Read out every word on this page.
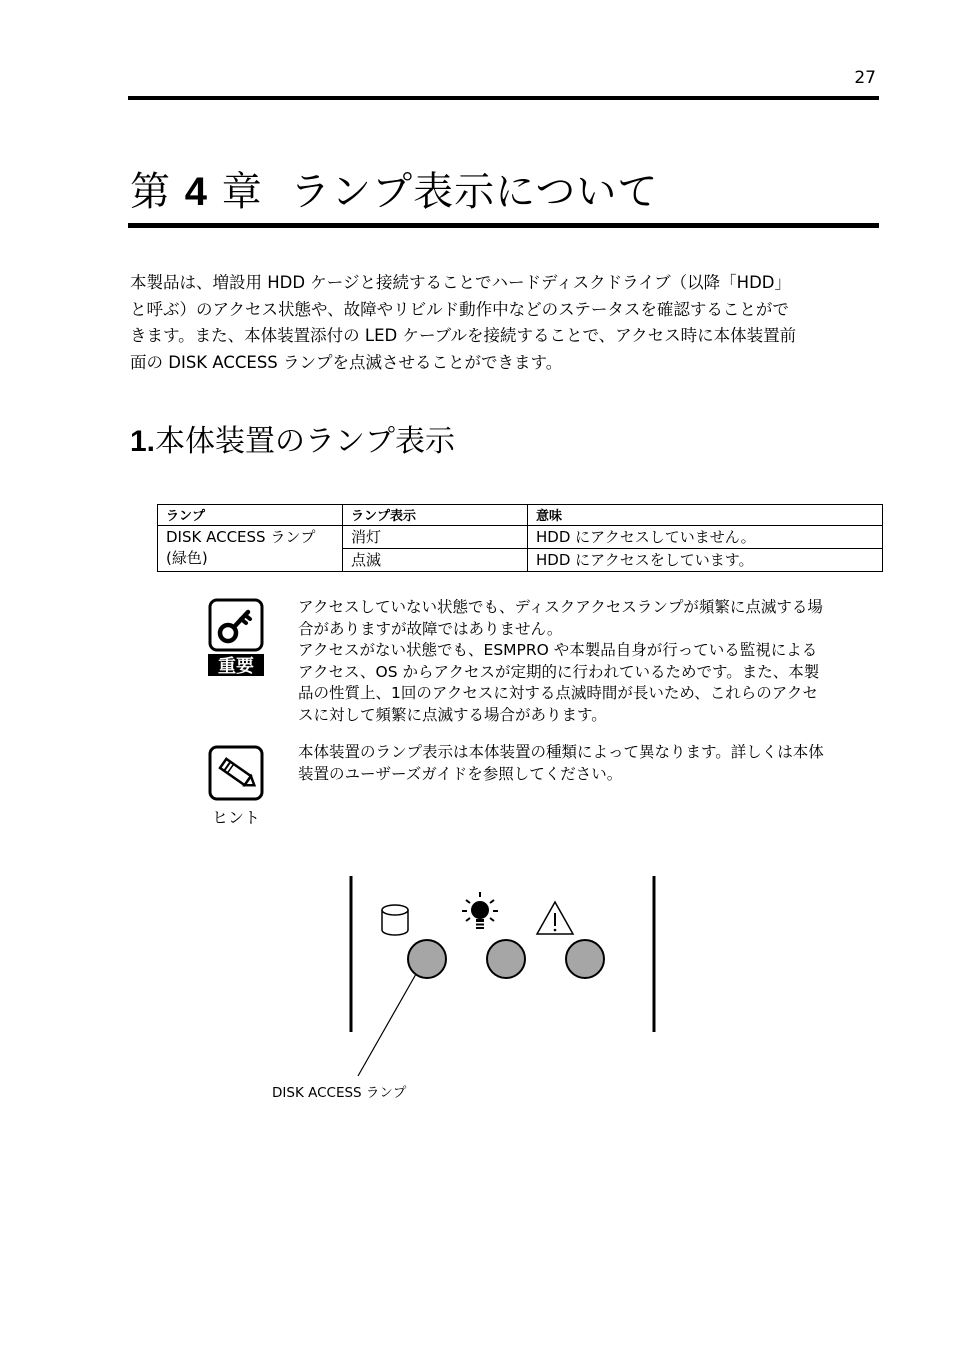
27
第 4 章 ランプ表示について
本製品は、増設用 HDD ケージと接続することでハードディスクドライブ（以降「HDD」
と呼ぶ）のアクセス状態や、故障やリビルド動作中などのステータスを確認することがで
きます。また、本体装置添付の LED ケーブルを接続することで、アクセス時に本体装置前
面の DISK ACCESS ランプを点滅させることができます。
1.本体装置のランプ表示
ランプ	ランプ表示	意味

DISK ACCESS ランプ
(緑色)	消灯	HDD にアクセスしていません。
	点滅	HDD にアクセスをしています。
重要
アクセスしていない状態でも、ディスクアクセスランプが頻繁に点滅する場
合がありますが故障ではありません。
アクセスがない状態でも、ESMPRO や本製品自身が行っている監視による
アクセス、OS からアクセスが定期的に行われているためです。また、本製
品の性質上、1回のアクセスに対する点滅時間が長いため、これらのアクセ
スに対して頻繁に点滅する場合があります。
ヒント
本体装置のランプ表示は本体装置の種類によって異なります。詳しくは本体
装置のユーザーズガイドを参照してください。
DISK ACCESS ランプ
